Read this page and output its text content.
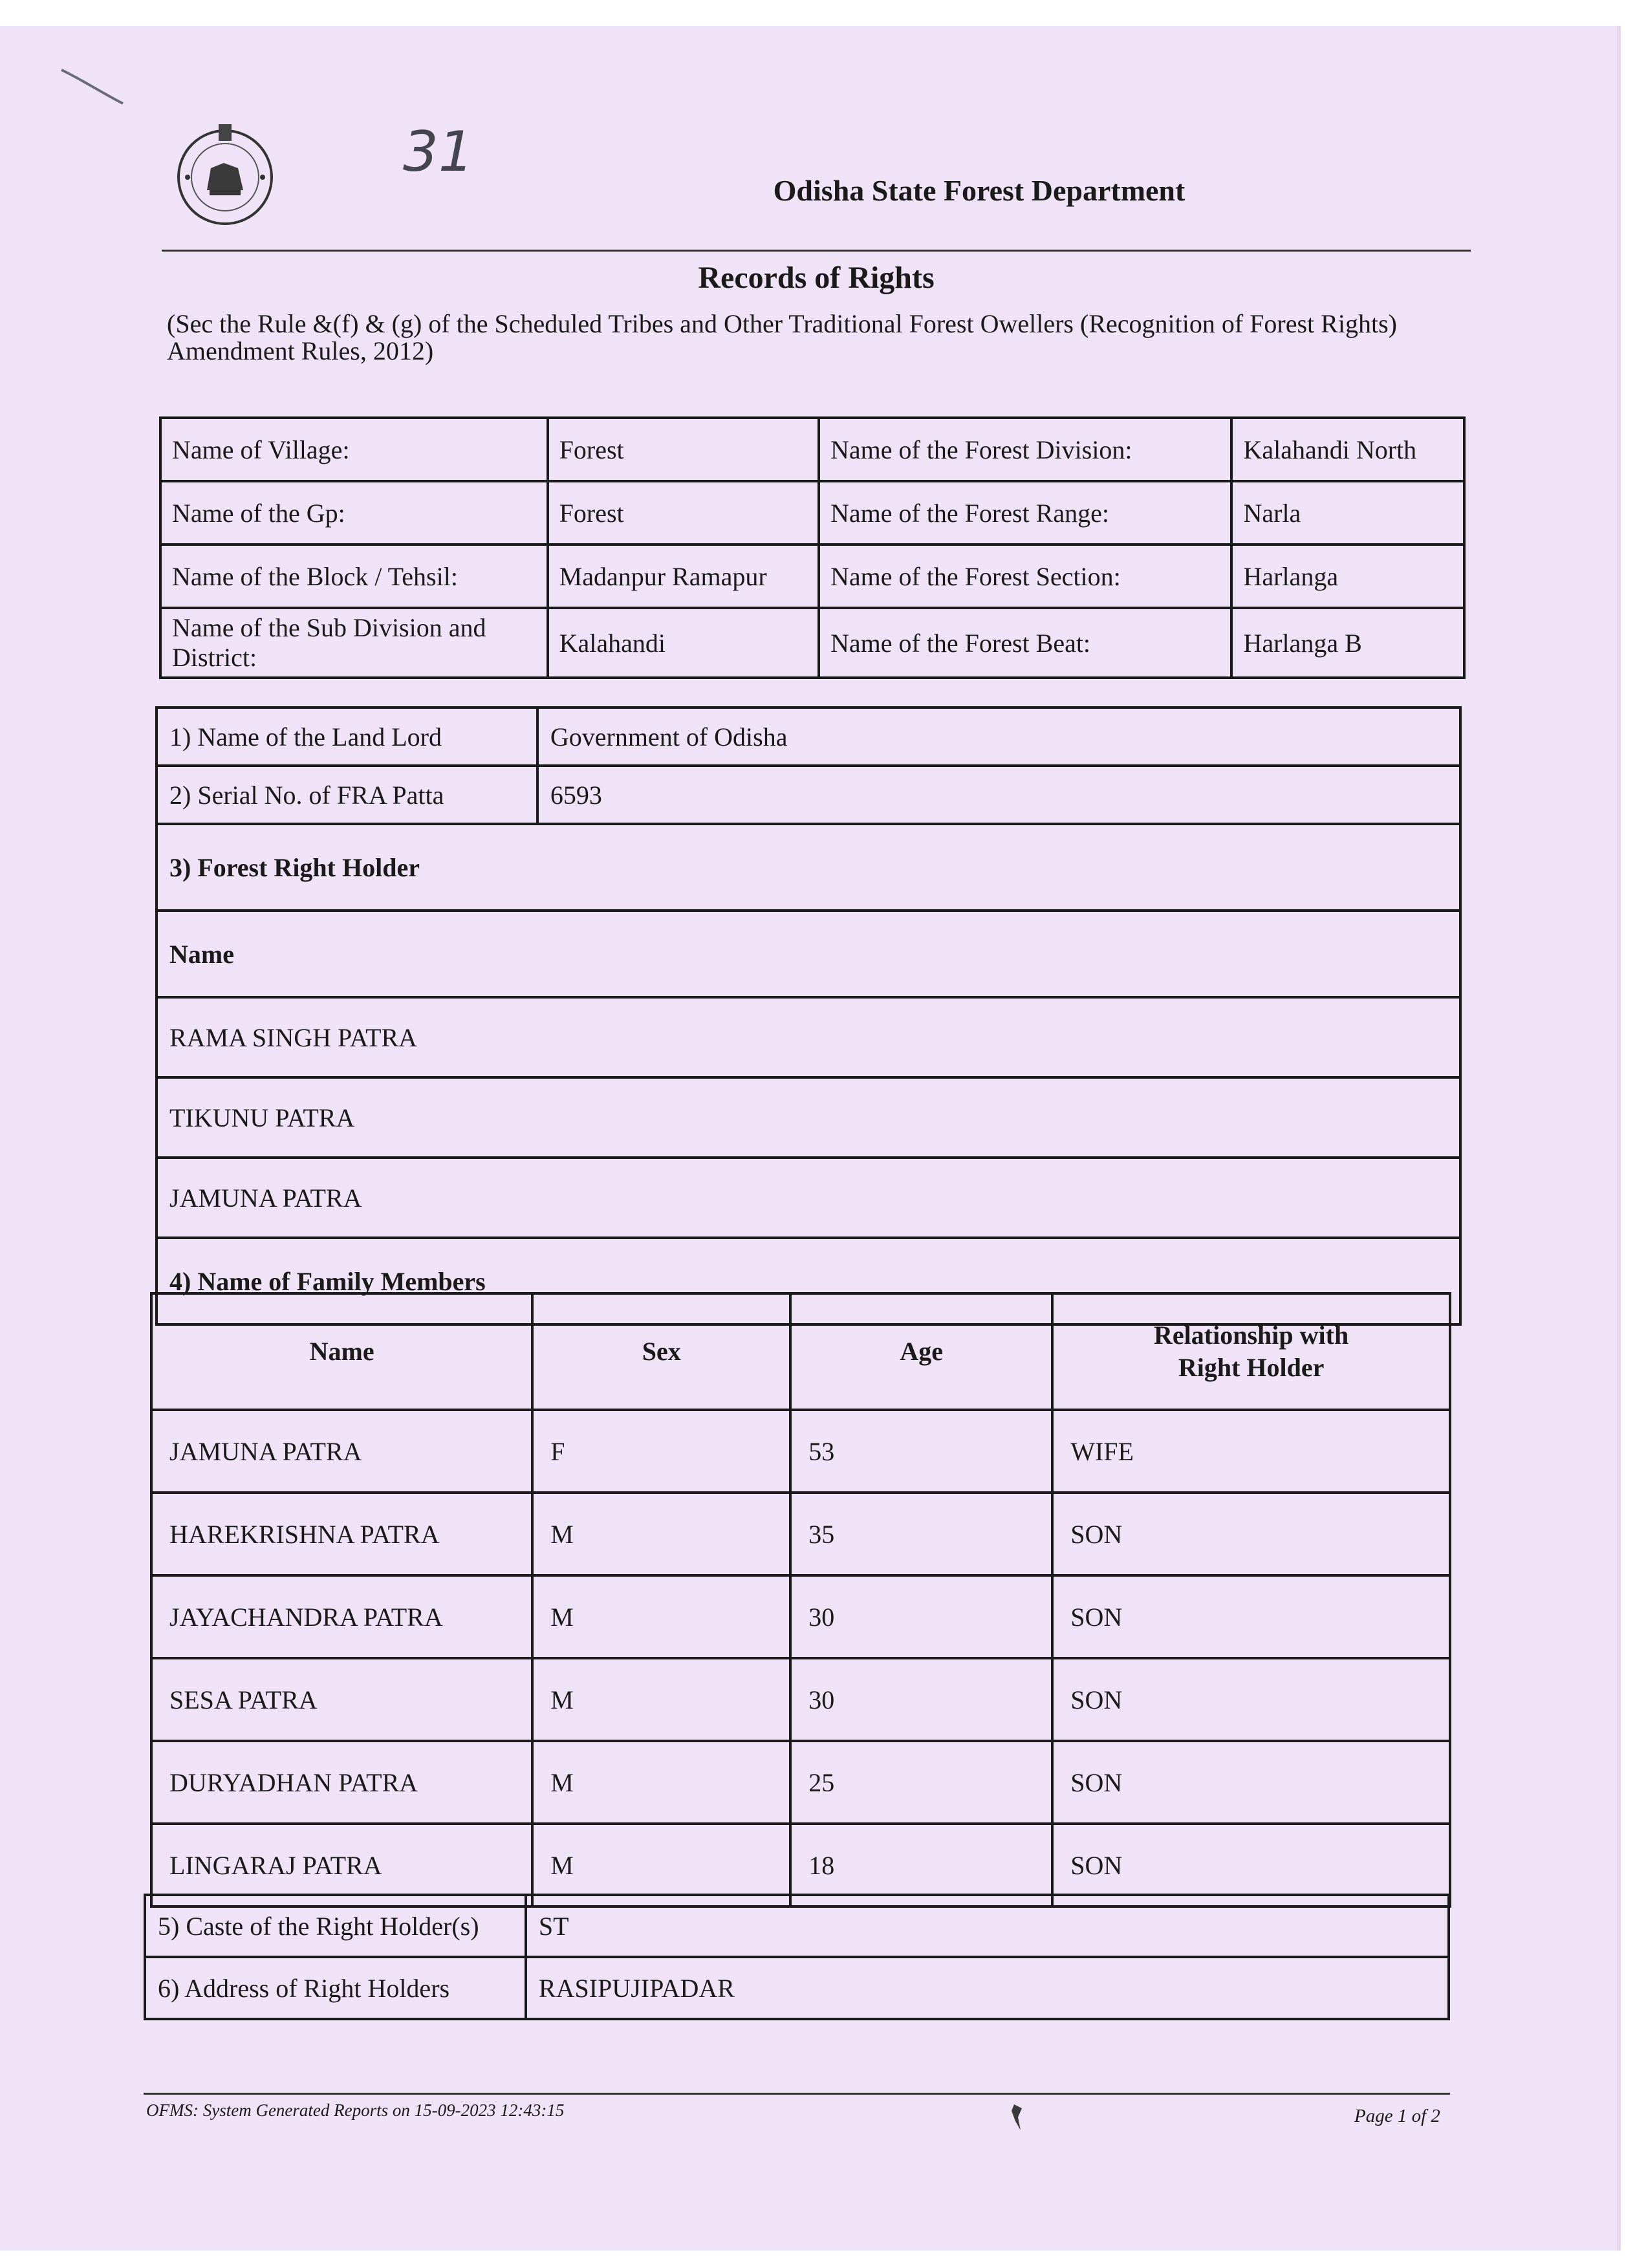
31
Odisha State Forest Department
Records of Rights
(Sec the Rule &(f) & (g) of the Scheduled Tribes and Other Traditional Forest Owellers (Recognition of Forest Rights) Amendment Rules, 2012)
Name of Village:	Forest	Name of the Forest Division:	Kalahandi North
Name of the Gp:	Forest	Name of the Forest Range:	Narla
Name of the Block / Tehsil:	Madanpur Ramapur	Name of the Forest Section:	Harlanga
Name of the Sub Division and District:	Kalahandi	Name of the Forest Beat:	Harlanga B
1) Name of the Land Lord	Government of Odisha
2) Serial No. of FRA Patta	6593
3) Forest Right Holder	
Name	
RAMA SINGH PATRA	
TIKUNU PATRA	
JAMUNA PATRA	
4) Name of Family Members	
Name	Sex	Age	Relationship with
Right Holder
JAMUNA PATRA	F	53	WIFE
HAREKRISHNA PATRA	M	35	SON
JAYACHANDRA PATRA	M	30	SON
SESA PATRA	M	30	SON
DURYADHAN PATRA	M	25	SON
LINGARAJ PATRA	M	18	SON
5) Caste of the Right Holder(s)	ST
6) Address of Right Holders	RASIPUJIPADAR
OFMS: System Generated Reports on 15-09-2023 12:43:15	Page 1 of 2
